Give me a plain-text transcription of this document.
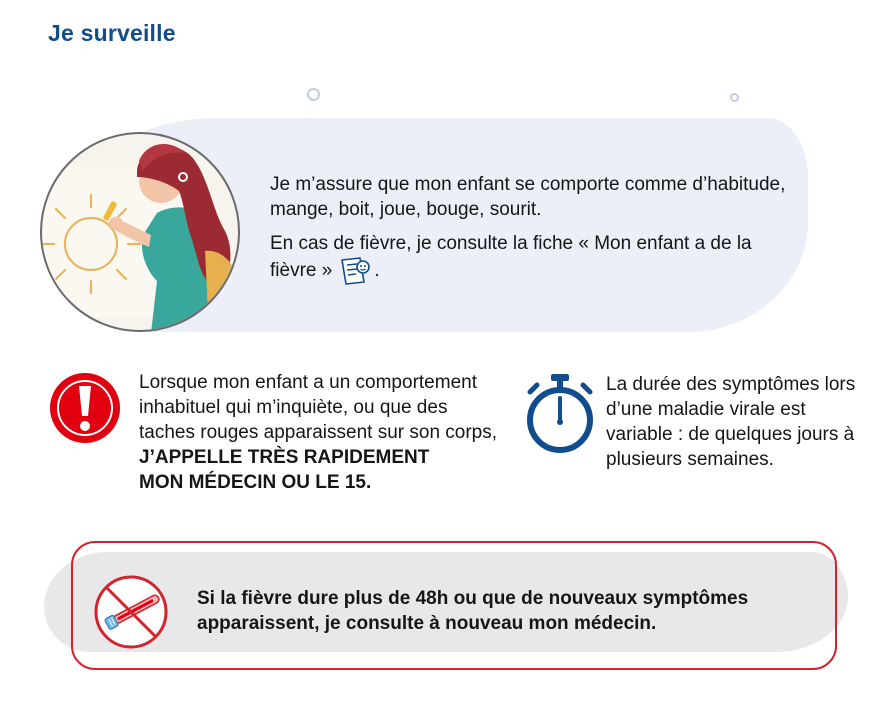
Je surveille

Je m’assure que mon enfant se comporte comme d’habitude, mange, boit, joue, bouge, sourit.

En cas de fièvre, je consulte la fiche « Mon enfant a de la fièvre » .

Lorsque mon enfant a un comportement inhabituel qui m’inquiète, ou que des taches rouges apparaissent sur son corps,
J’APPELLE TRÈS RAPIDEMENT
MON MÉDECIN OU LE 15.
La durée des symptômes lors d’une maladie virale est variable : de quelques jours à plusieurs semaines.
Si la fièvre dure plus de 48h ou que de nouveaux symptômes
apparaissent, je consulte à nouveau mon médecin.
